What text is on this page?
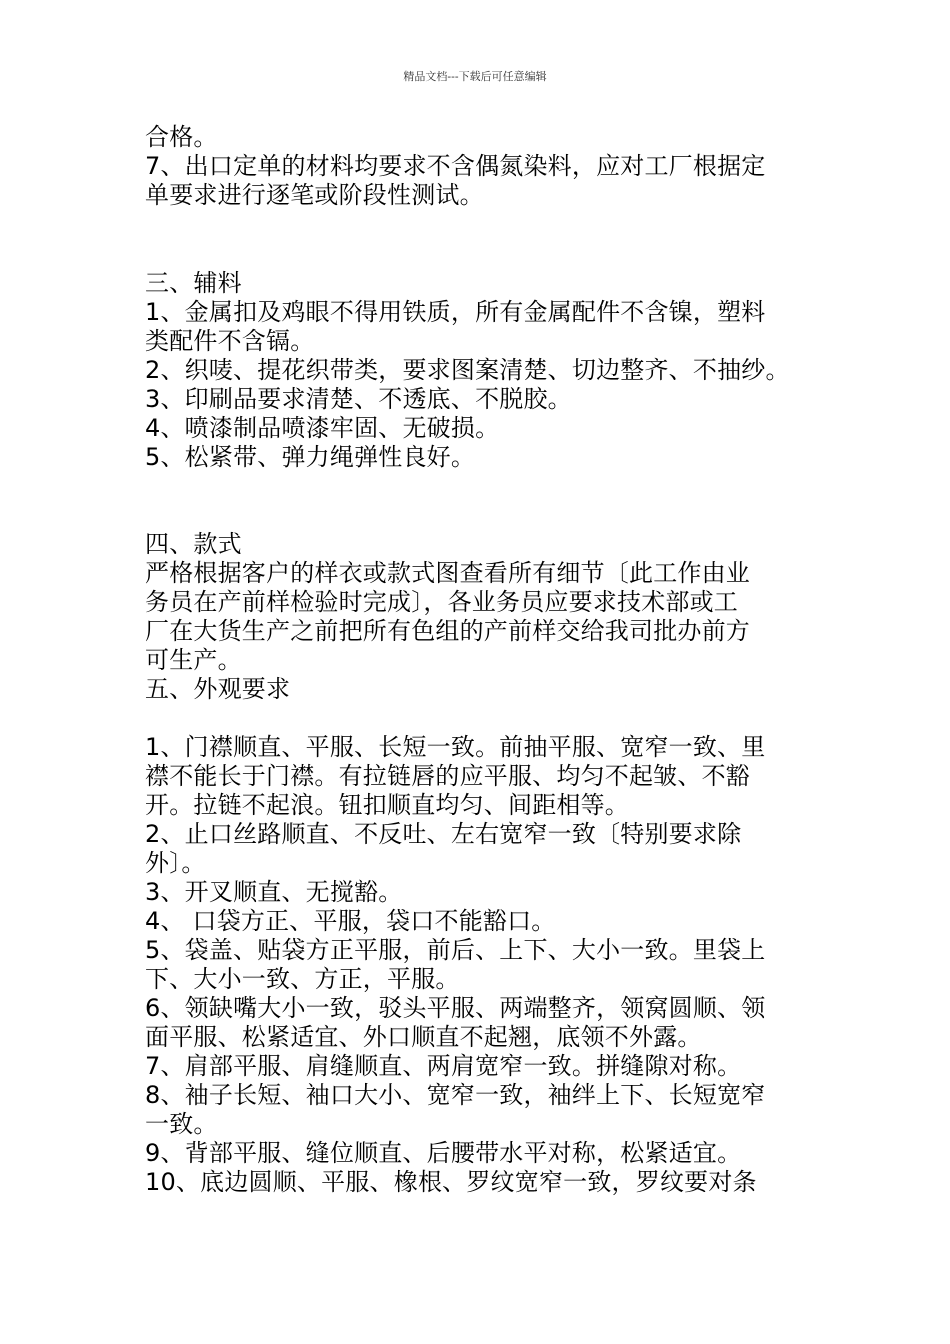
精品文档---下载后可任意编辑
合格。
7、出口定单的材料均要求不含偶氮染料，应对工厂根据定
单要求进行逐笔或阶段性测试。
三、辅料
1、金属扣及鸡眼不得用铁质，所有金属配件不含镍，塑料
类配件不含镉。
2、织唛、提花织带类，要求图案清楚、切边整齐、不抽纱。
3、印刷品要求清楚、不透底、不脱胶。
4、喷漆制品喷漆牢固、无破损。
5、松紧带、弹力绳弹性良好。
四、款式
严格根据客户的样衣或款式图查看所有细节〔此工作由业
务员在产前样检验时完成〕，各业务员应要求技术部或工
厂在大货生产之前把所有色组的产前样交给我司批办前方
可生产。
五、外观要求
1、门襟顺直、平服、长短一致。前抽平服、宽窄一致、里
襟不能长于门襟。有拉链唇的应平服、均匀不起皱、不豁
开。拉链不起浪。钮扣顺直均匀、间距相等。
2、止口丝路顺直、不反吐、左右宽窄一致〔特别要求除
外〕。
3、开叉顺直、无搅豁。
4、 口袋方正、平服，袋口不能豁口。
5、袋盖、贴袋方正平服，前后、上下、大小一致。里袋上
下、大小一致、方正，平服。
6、领缺嘴大小一致，驳头平服、两端整齐，领窝圆顺、领
面平服、松紧适宜、外口顺直不起翘，底领不外露。
7、肩部平服、肩缝顺直、两肩宽窄一致。拼缝隙对称。
8、袖子长短、袖口大小、宽窄一致，袖绊上下、长短宽窄
一致。
9、背部平服、缝位顺直、后腰带水平对称，松紧适宜。
10、底边圆顺、平服、橡根、罗纹宽窄一致，罗纹要对条
